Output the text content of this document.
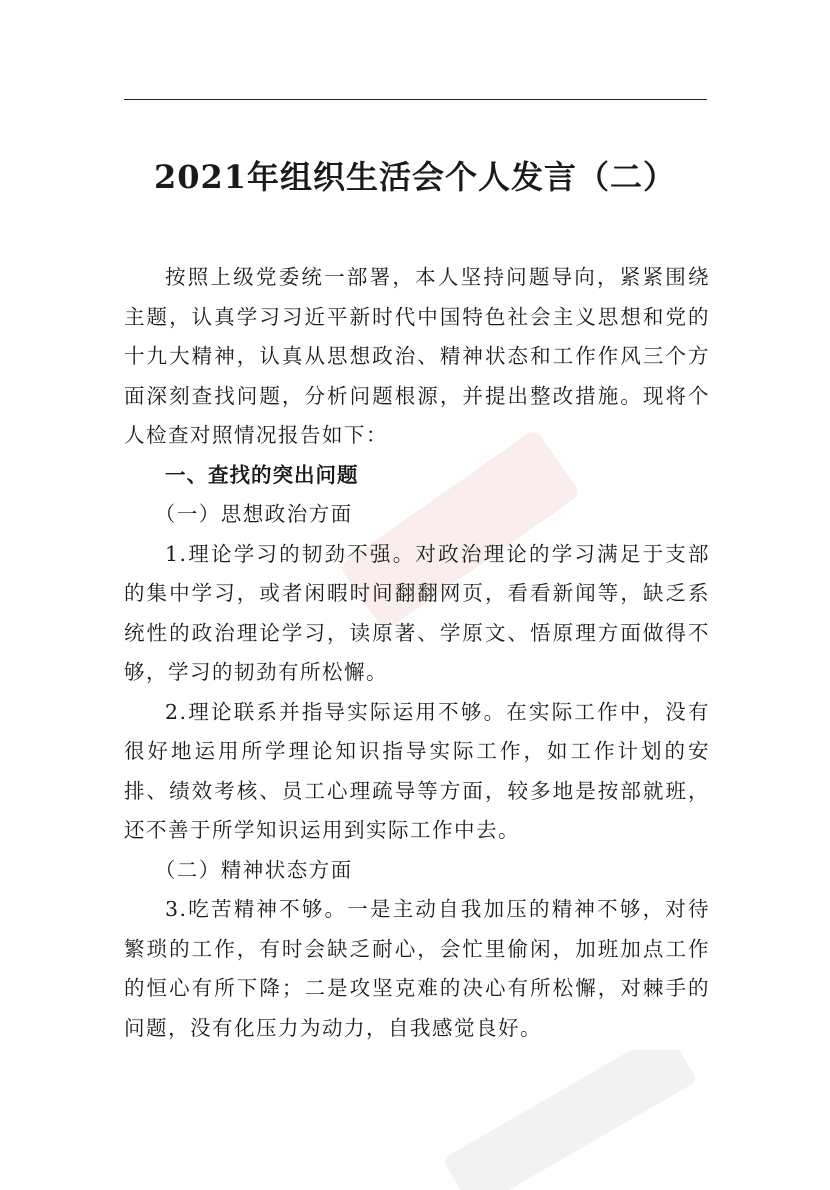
2021年组织生活会个人发言（二）

按照上级党委统一部署，本人坚持问题导向，紧紧围绕主题，认真学习习近平新时代中国特色社会主义思想和党的十九大精神，认真从思想政治、精神状态和工作作风三个方面深刻查找问题，分析问题根源，并提出整改措施。现将个人检查对照情况报告如下：

一、查找的突出问题

（一）思想政治方面

1.理论学习的韧劲不强。对政治理论的学习满足于支部的集中学习，或者闲暇时间翻翻网页，看看新闻等，缺乏系统性的政治理论学习，读原著、学原文、悟原理方面做得不够，学习的韧劲有所松懈。

2.理论联系并指导实际运用不够。在实际工作中，没有很好地运用所学理论知识指导实际工作，如工作计划的安排、绩效考核、员工心理疏导等方面，较多地是按部就班，还不善于所学知识运用到实际工作中去。

（二）精神状态方面

3.吃苦精神不够。一是主动自我加压的精神不够，对待繁琐的工作，有时会缺乏耐心，会忙里偷闲，加班加点工作的恒心有所下降；二是攻坚克难的决心有所松懈，对棘手的问题，没有化压力为动力，自我感觉良好。
